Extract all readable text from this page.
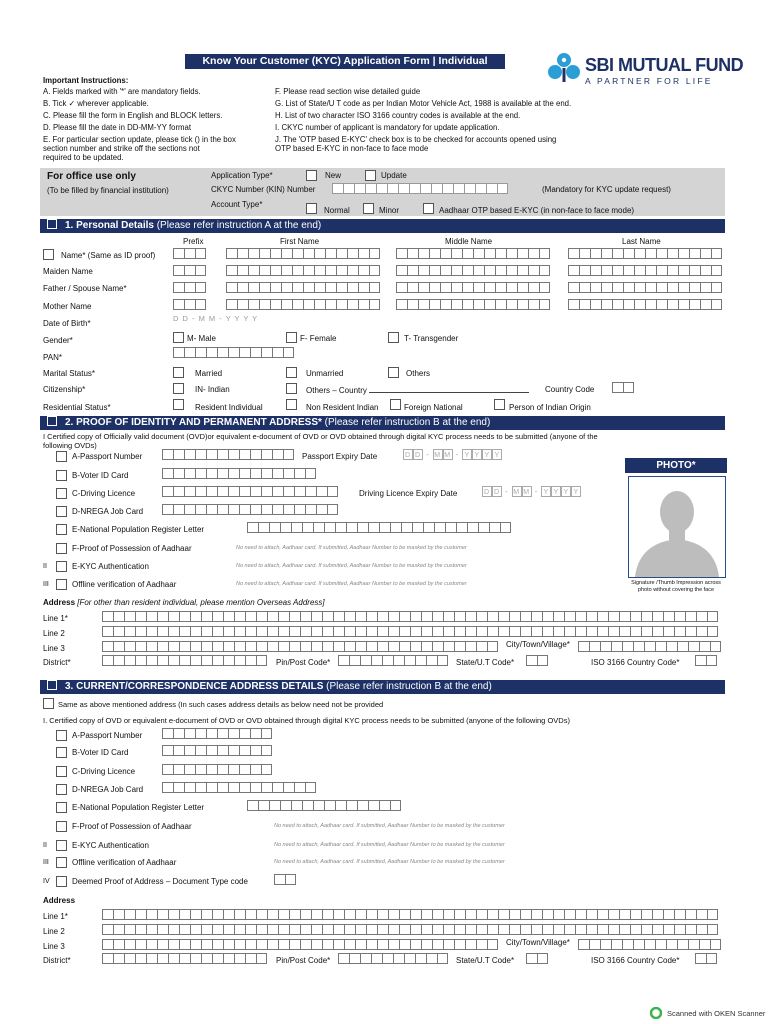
Know Your Customer (KYC) Application Form | Individual	SBI MUTUAL FUND
A PARTNER FOR LIFE
Important Instructions:
A. Fields marked with '*' are mandatory fields.
B. Tick ✓ wherever applicable.
C. Please fill the form in English and BLOCK letters.
D. Please fill the date in DD-MM-YY format
E. For particular section update, please tick () in the box
section number and strike off the sections not
required to be updated.
F. Please read section wise detailed guide
G. List of State/U T code as per Indian Motor Vehicle Act, 1988 is available at the end.
H. List of two character ISO 3166 country codes is available at the end.
I. CKYC number of applicant is mandatory for update application.
J. The 'OTP based E-KYC' check box is to be checked for accounts opened using
OTP based E-KYC in non-face to face mode
For office use only
(To be filled by financial institution)
Application Type*	New	Update
CKYC Number (KIN) Number	(Mandatory for KYC update request)
Account Type*
Normal	Minor	Aadhaar OTP based E-KYC (in non-face to face mode)
1. Personal Details (Please refer instruction A at the end)
Prefix	First Name	Middle Name	Last Name
Name* (Same as ID proof)
Maiden Name
Father / Spouse Name*
Mother Name
Date of Birth*
D D - M M - Y Y Y Y
Gender*	M- Male	F- Female	T- Transgender
PAN*
Marital Status*	Married	Unmarried	Others
Citizenship*	IN- Indian	Others – Country	Country Code
Residential Status*	Resident Individual	Non Resident Indian	Foreign National	Person of Indian Origin
2. PROOF OF IDENTITY AND PERMANENT ADDRESS* (Please refer instruction B at the end)
I Certified copy of Officially valid document (OVD)or equivalent e-document of OVD or OVD obtained through digital KYC process needs to be submitted (anyone of the
following OVDs)
A-Passport Number
B-Voter ID Card
C-Driving Licence
D-NREGA Job Card
E-National Population Register Letter
F-Proof of Possession of Aadhaar	No need to attach, Aadhaar card. If submitted, Aadhaar Number to be masked by the customer
II	E-KYC Authentication	No need to attach, Aadhaar card. If submitted, Aadhaar Number to be masked by the customer
III	Offline verification of Aadhaar	No need to attach, Aadhaar card. If submitted, Aadhaar Number to be masked by the customer
Passport Expiry Date	D D - M M - Y Y Y Y
Driving Licence Expiry Date	D D - M M - Y Y Y Y
PHOTO*
Signature /Thumb Impression across photo without covering the face
Address [For other than resident individual, please mention Overseas Address]
Line 1*
Line 2
Line 3	City/Town/Village*
District*	Pin/Post Code*	State/U.T Code*	ISO 3166 Country Code*
3. CURRENT/CORRESPONDENCE ADDRESS DETAILS (Please refer instruction B at the end)
Same as above mentioned address (In such cases address details as below need not be provided
I. Certified copy of OVD or equivalent e-document of OVD or OVD obtained through digital KYC process needs to be submitted (anyone of the following OVDs)
A-Passport Number
B-Voter ID Card
C-Driving Licence
D-NREGA Job Card
E-National Population Register Letter
F-Proof of Possession of Aadhaar	No need to attach, Aadhaar card. If submitted, Aadhaar Number to be masked by the customer
II	E-KYC Authentication	No need to attach, Aadhaar card. If submitted, Aadhaar Number to be masked by the customer
III	Offline verification of Aadhaar	No need to attach, Aadhaar card. If submitted, Aadhaar Number to be masked by the customer
IV	Deemed Proof of Address – Document Type code
Address
Line 1*
Line 2
Line 3	City/Town/Village*
District*	Pin/Post Code*	State/U.T Code*	ISO 3166 Country Code*
Scanned with OKEN Scanner
